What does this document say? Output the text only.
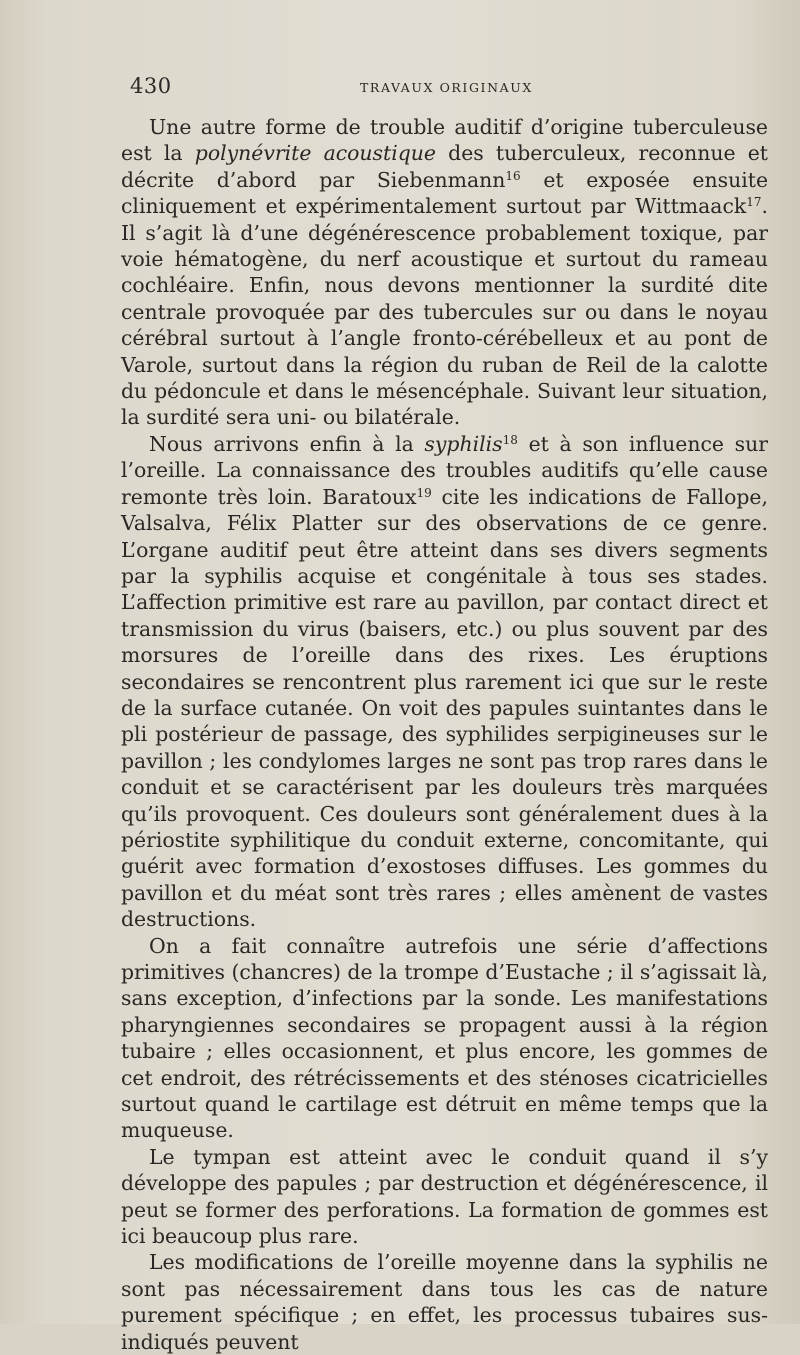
430	TRAVAUX ORIGINAUX

Une autre forme de trouble auditif d’origine tuberculeuse est la polynévrite acoustique des tuberculeux, reconnue et décrite d’abord par Siebenmann$^{16}$ et exposée ensuite cliniquement et expérimentalement surtout par Wittmaack$^{17}$. Il s’agit là d’une dégénérescence probablement toxique, par voie hématogène, du nerf acoustique et surtout du rameau cochléaire. Enfin, nous devons mentionner la surdité dite centrale provoquée par des tubercules sur ou dans le noyau cérébral surtout à l’angle fronto-cérébelleux et au pont de Varole, surtout dans la région du ruban de Reil de la calotte du pédoncule et dans le mésencéphale. Suivant leur situation, la surdité sera uni- ou bilatérale.

Nous arrivons enfin à la syphilis$^{18}$ et à son influence sur l’oreille. La connaissance des troubles auditifs qu’elle cause remonte très loin. Baratoux$^{19}$ cite les indications de Fallope, Valsalva, Félix Platter sur des observations de ce genre. L’organe auditif peut être atteint dans ses divers segments par la syphilis acquise et congénitale à tous ses stades. L’affection primitive est rare au pavillon, par contact direct et transmission du virus (baisers, etc.) ou plus souvent par des morsures de l’oreille dans des rixes. Les éruptions secondaires se rencontrent plus rarement ici que sur le reste de la surface cutanée. On voit des papules suintantes dans le pli postérieur de passage, des syphilides serpigineuses sur le pavillon ; les condylomes larges ne sont pas trop rares dans le conduit et se caractérisent par les douleurs très marquées qu’ils provoquent. Ces douleurs sont généralement dues à la périostite syphilitique du conduit externe, concomitante, qui guérit avec formation d’exostoses diffuses. Les gommes du pavillon et du méat sont très rares ; elles amènent de vastes destructions.

On a fait connaître autrefois une série d’affections primitives (chancres) de la trompe d’Eustache ; il s’agissait là, sans exception, d’infections par la sonde. Les manifestations pharyngiennes secondaires se propagent aussi à la région tubaire ; elles occasionnent, et plus encore, les gommes de cet endroit, des rétrécissements et des sténoses cicatricielles surtout quand le cartilage est détruit en même temps que la muqueuse.

Le tympan est atteint avec le conduit quand il s’y développe des papules ; par destruction et dégénérescence, il peut se former des perforations. La formation de gommes est ici beaucoup plus rare.

Les modifications de l’oreille moyenne dans la syphilis ne sont pas nécessairement dans tous les cas de nature purement spécifique ; en effet, les processus tubaires sus-indiqués peuvent
